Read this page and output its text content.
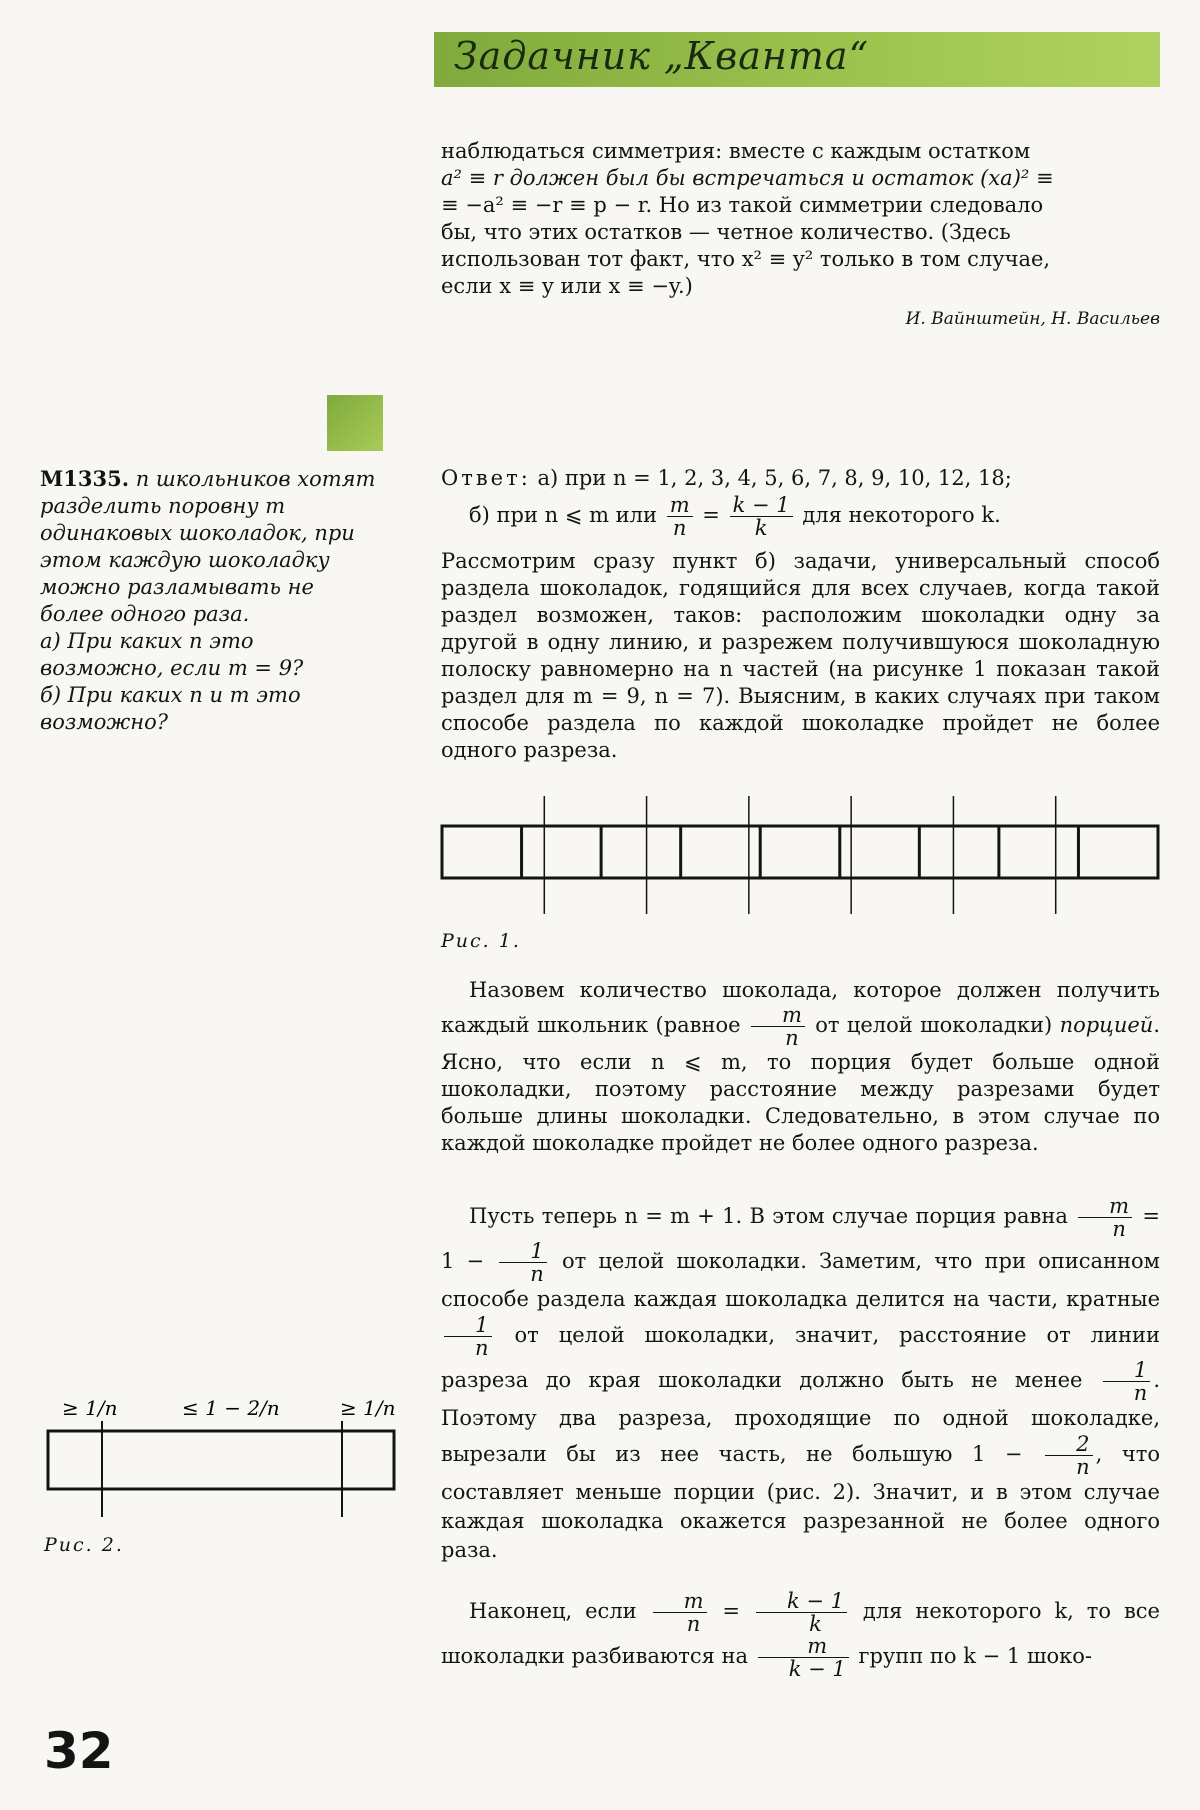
Задачник „Кванта“

наблюдаться симметрия: вместе с каждым остатком

a² ≡ r должен был бы встречаться и остаток (xa)² ≡

≡ −a² ≡ −r ≡ p − r. Но из такой симметрии следовало

бы, что этих остатков — четное количество. (Здесь

использован тот факт, что x² ≡ y² только в том случае,

если x ≡ y или x ≡ −y.)

И. Вайнштейн, Н. Васильев

M1335. n школьников хотят разделить поровну m одинаковых шоколадок, при этом каждую шоколадку можно разламывать не более одного раза.

а) При каких n это возможно, если m = 9?

б) При каких n и m это возможно?

Ответ: а) при n = 1, 2, 3, 4, 5, 6, 7, 8, 9, 10, 12, 18;

б) при n ⩽ m или $\frac{m}{n} = \frac{k - 1}{k}$ для некоторого k.

Рассмотрим сразу пункт б) задачи, универсальный способ раздела шоколадок, годящийся для всех случаев, когда такой раздел возможен, таков: расположим шоколадки одну за другой в одну линию, и разрежем получившуюся шоколадную полоску равномерно на n частей (на рисунке 1 показан такой раздел для m = 9, n = 7). Выясним, в каких случаях при таком способе раздела по каждой шоколадке пройдет не более одного разреза.
Рис. 1.

Назовем количество шоколада, которое должен получить каждый школьник (равное $\frac{m}{n}$ от целой шоколадки) порцией. Ясно, что если n ⩽ m, то порция будет больше одной шоколадки, поэтому расстояние между разрезами будет больше длины шоколадки. Следовательно, в этом случае по каждой шоколадке пройдет не более одного разреза.

Пусть теперь n = m + 1. В этом случае порция равна $\frac{m}{n} = 1 - \frac{1}{n}$ от целой шоколадки. Заметим, что при описанном способе раздела каждая шоколадка делится на части, кратные
$\frac{1}{n}$ от целой шоколадки, значит, расстояние от линии разреза до края шоколадки должно быть не менее $\frac{1}{n}$ . Поэтому два разреза, проходящие по одной шоколадке, вырезали бы из нее часть, не большую $1 - \frac{2}{n}$ , что составляет меньше порции (рис. 2). Значит, и в этом случае каждая шоколадка окажется разрезанной не более одного раза.

Наконец, если $\frac{m}{n} = \frac{k - 1}{k}$ для некоторого k, то все шоколадки разбиваются на $\frac{m}{k - 1}$ групп по k − 1 шоко-

≥ 1/n	≤ 1 − 2/n	≥ 1/n
Рис. 2.
32
